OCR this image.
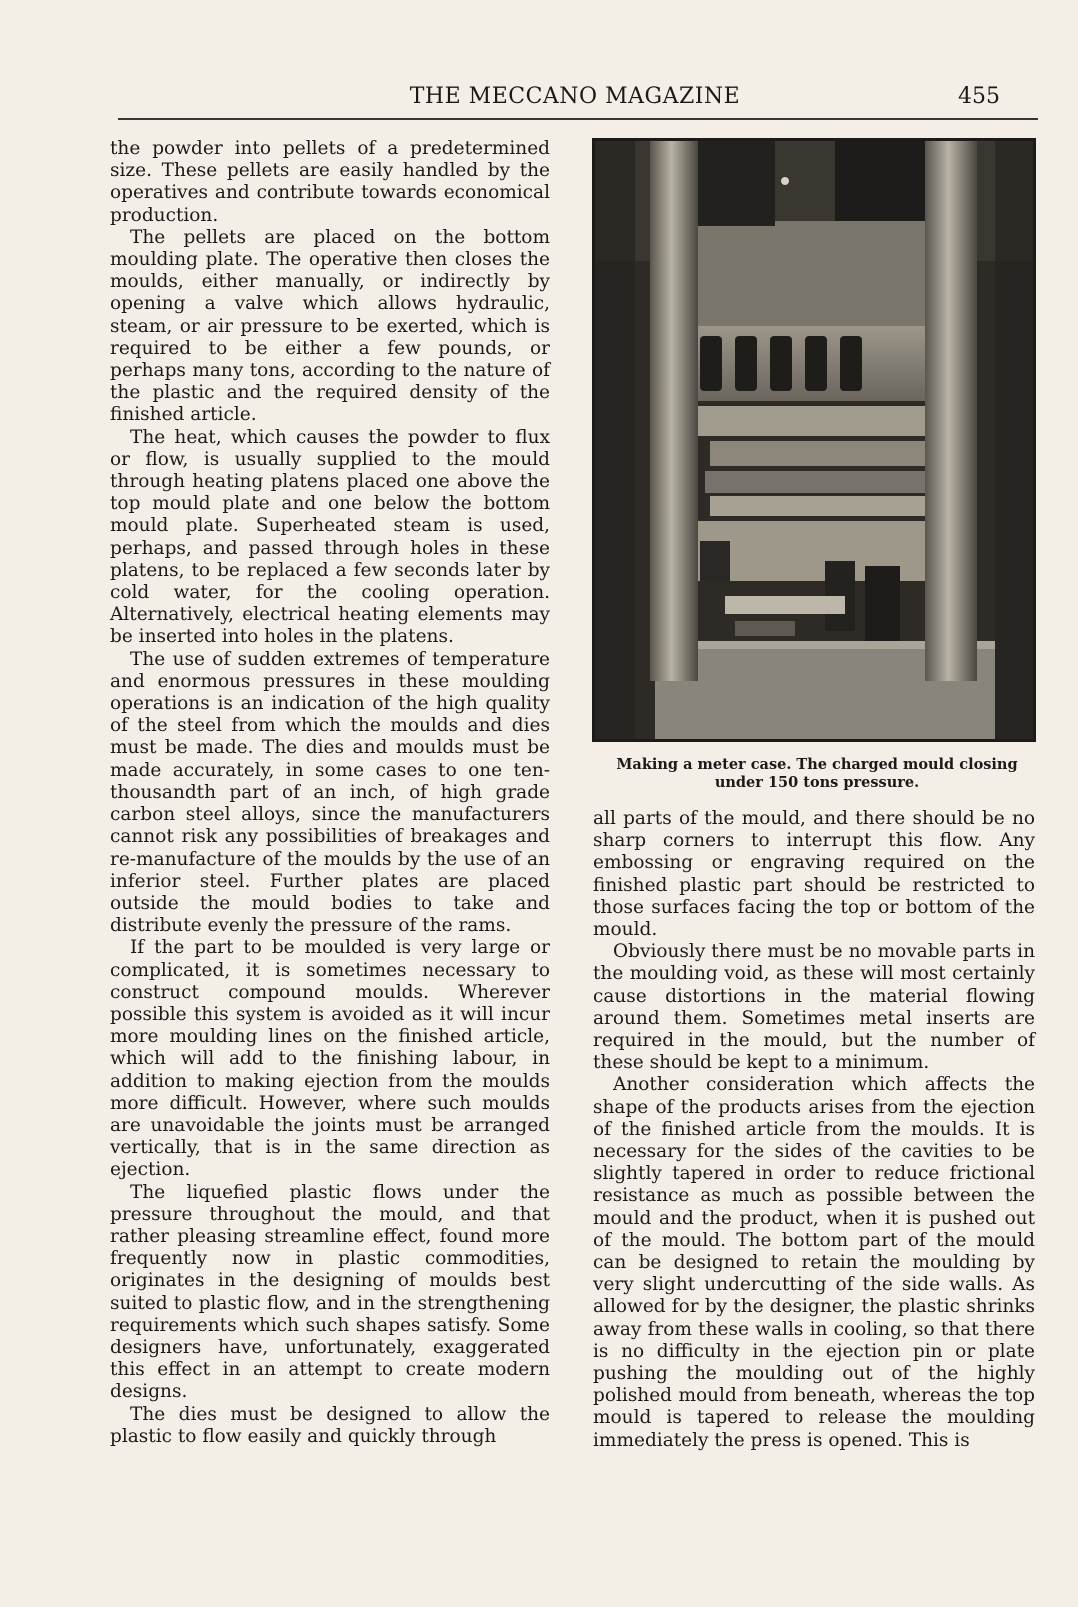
THE MECCANO MAGAZINE	455

the powder into pellets of a predetermined size. These pellets are easily handled by the operatives and contribute towards economical production.

The pellets are placed on the bottom moulding plate. The operative then closes the moulds, either manually, or indirectly by opening a valve which allows hydraulic, steam, or air pressure to be exerted, which is required to be either a few pounds, or perhaps many tons, according to the nature of the plastic and the required density of the finished article.

The heat, which causes the powder to flux or flow, is usually supplied to the mould through heating platens placed one above the top mould plate and one below the bottom mould plate. Superheated steam is used, perhaps, and passed through holes in these platens, to be replaced a few seconds later by cold water, for the cooling operation. Alternatively, electrical heating elements may be inserted into holes in the platens.

The use of sudden extremes of temperature and enormous pressures in these moulding operations is an indication of the high quality of the steel from which the moulds and dies must be made. The dies and moulds must be made accurately, in some cases to one ten-thousandth part of an inch, of high grade carbon steel alloys, since the manufacturers cannot risk any possibilities of breakages and re-manufacture of the moulds by the use of an inferior steel. Further plates are placed outside the mould bodies to take and distribute evenly the pressure of the rams.

If the part to be moulded is very large or complicated, it is sometimes necessary to construct compound moulds. Wherever possible this system is avoided as it will incur more moulding lines on the finished article, which will add to the finishing labour, in addition to making ejection from the moulds more difficult. However, where such moulds are unavoidable the joints must be arranged vertically, that is in the same direction as ejection.

The liquefied plastic flows under the pressure throughout the mould, and that rather pleasing streamline effect, found more frequently now in plastic commodities, originates in the designing of moulds best suited to plastic flow, and in the strengthening requirements which such shapes satisfy. Some designers have, unfortunately, exaggerated this effect in an attempt to create modern designs.

The dies must be designed to allow the plastic to flow easily and quickly through

Making a meter case. The charged mould closing
under 150 tons pressure.

all parts of the mould, and there should be no sharp corners to interrupt this flow. Any embossing or engraving required on the finished plastic part should be restricted to those surfaces facing the top or bottom of the mould.

Obviously there must be no movable parts in the moulding void, as these will most certainly cause distortions in the material flowing around them. Sometimes metal inserts are required in the mould, but the number of these should be kept to a minimum.

Another consideration which affects the shape of the products arises from the ejection of the finished article from the moulds. It is necessary for the sides of the cavities to be slightly tapered in order to reduce frictional resistance as much as possible between the mould and the product, when it is pushed out of the mould. The bottom part of the mould can be designed to retain the moulding by very slight undercutting of the side walls. As allowed for by the designer, the plastic shrinks away from these walls in cooling, so that there is no difficulty in the ejection pin or plate pushing the moulding out of the highly polished mould from beneath, whereas the top mould is tapered to release the moulding immediately the press is opened. This is
